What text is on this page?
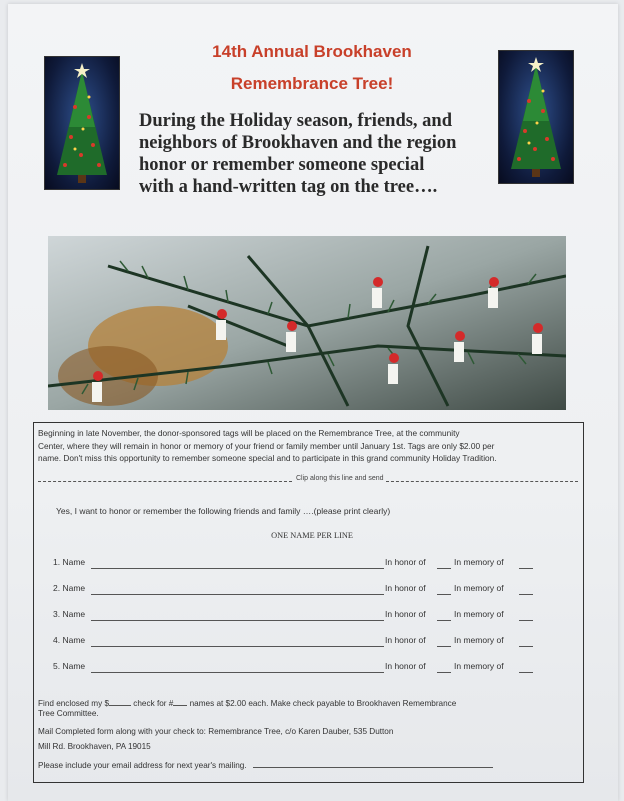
14th Annual Brookhaven
Remembrance Tree!
During the Holiday season, friends, and
neighbors of Brookhaven and the region
honor or remember someone special
with a hand-written tag on the tree….
Beginning in late November, the donor-sponsored tags will be placed on the Remembrance Tree, at the community
Center, where they will remain in honor or memory of your friend or family member until January 1st. Tags are only $2.00 per
name. Don't miss this opportunity to remember someone special and to participate in this grand community Holiday Tradition.
Clip along this line and send
Yes, I want to honor or remember the following friends and family ….(please print clearly)
ONE NAME PER LINE
1. Name	In honor of	In memory of
2. Name	In honor of	In memory of
3. Name	In honor of	In memory of
4. Name	In honor of	In memory of
5. Name	In honor of	In memory of
Find enclosed my $	check for # names at $2.00 each. Make check payable to Brookhaven Remembrance
Tree Committee.
Mail Completed form along with your check to: Remembrance Tree, c/o Karen Dauber, 535 Dutton
Mill Rd. Brookhaven, PA 19015
Please include your email address for next year's mailing.
